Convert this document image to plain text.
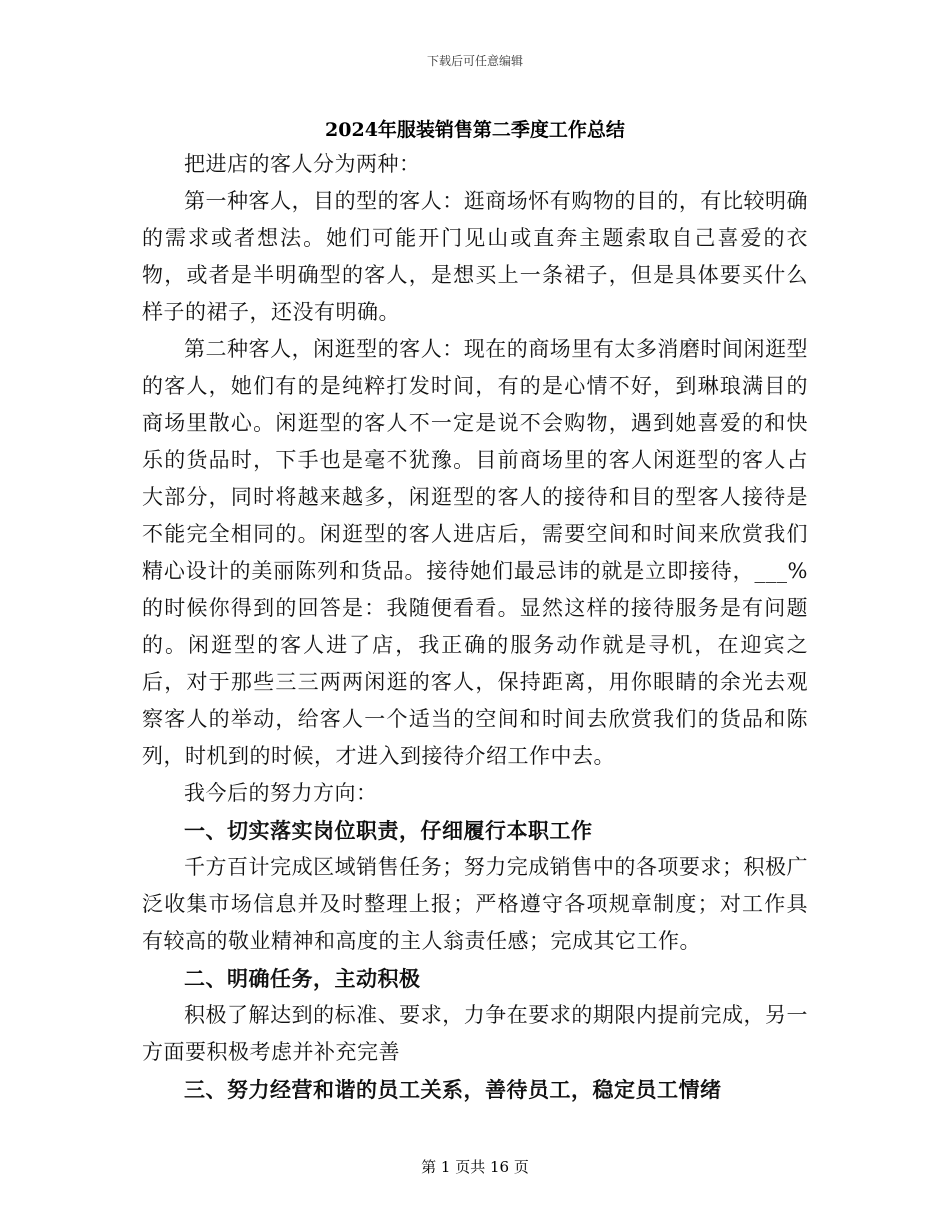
下载后可任意编辑
2024年服装销售第二季度工作总结

把进店的客人分为两种：

第一种客人，目的型的客人：逛商场怀有购物的目的，有比较明确的需求或者想法。她们可能开门见山或直奔主题索取自己喜爱的衣物，或者是半明确型的客人，是想买上一条裙子，但是具体要买什么样子的裙子，还没有明确。

第二种客人，闲逛型的客人：现在的商场里有太多消磨时间闲逛型的客人，她们有的是纯粹打发时间，有的是心情不好，到琳琅满目的商场里散心。闲逛型的客人不一定是说不会购物，遇到她喜爱的和快乐的货品时，下手也是毫不犹豫。目前商场里的客人闲逛型的客人占大部分，同时将越来越多，闲逛型的客人的接待和目的型客人接待是不能完全相同的。闲逛型的客人进店后，需要空间和时间来欣赏我们精心设计的美丽陈列和货品。接待她们最忌讳的就是立即接待，___%的时候你得到的回答是：我随便看看。显然这样的接待服务是有问题的。闲逛型的客人进了店，我正确的服务动作就是寻机，在迎宾之后，对于那些三三两两闲逛的客人，保持距离，用你眼睛的余光去观察客人的举动，给客人一个适当的空间和时间去欣赏我们的货品和陈列，时机到的时候，才进入到接待介绍工作中去。

我今后的努力方向：

一、切实落实岗位职责，仔细履行本职工作

千方百计完成区域销售任务；努力完成销售中的各项要求；积极广泛收集市场信息并及时整理上报；严格遵守各项规章制度；对工作具有较高的敬业精神和高度的主人翁责任感；完成其它工作。

二、明确任务，主动积极

积极了解达到的标准、要求，力争在要求的期限内提前完成，另一方面要积极考虑并补充完善

三、努力经营和谐的员工关系，善待员工，稳定员工情绪

第 1 页共 16 页
